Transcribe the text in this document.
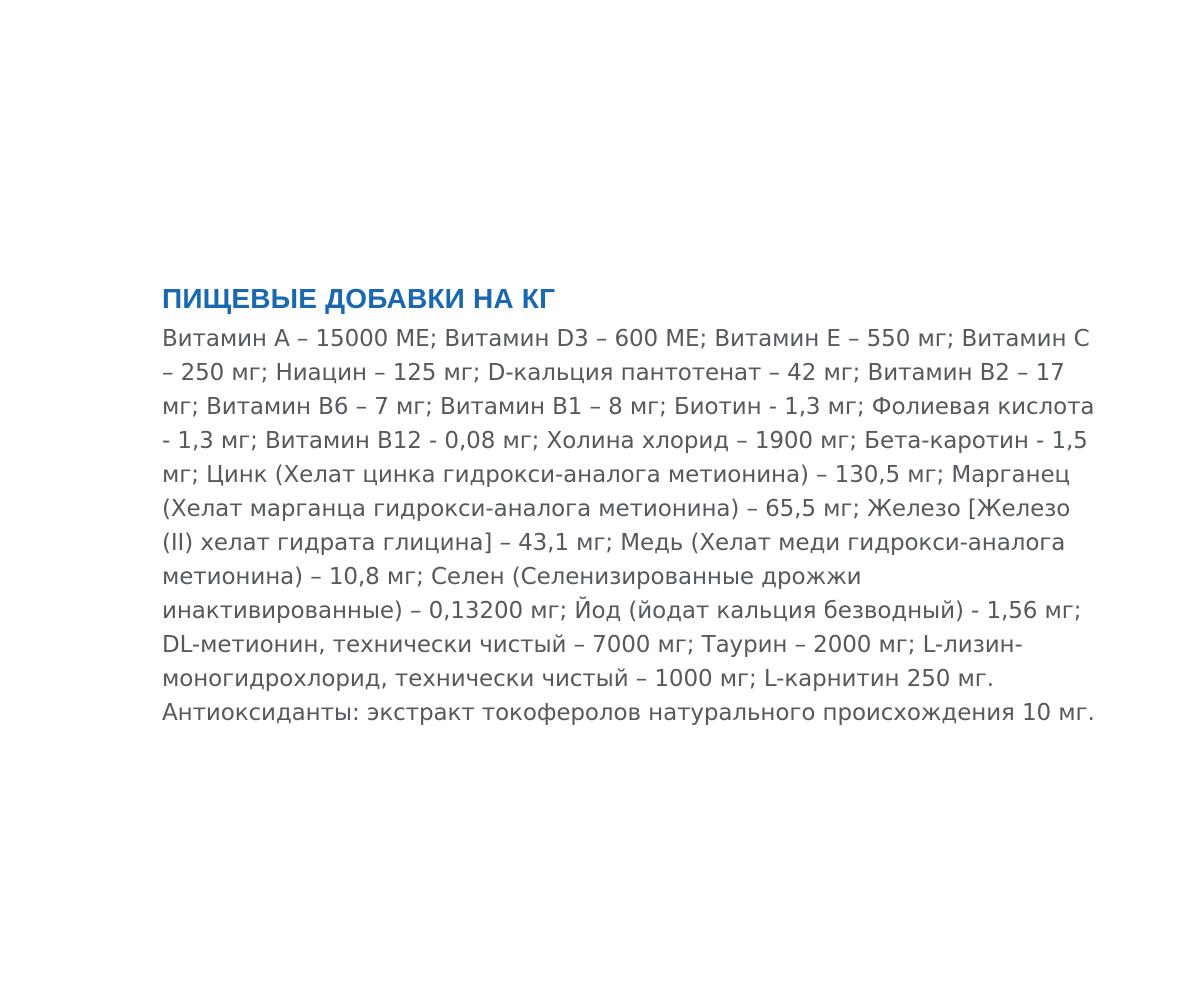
ПИЩЕВЫЕ ДОБАВКИ НА КГ
Витамин А – 15000 МЕ; Витамин D3 – 600 МЕ; Витамин Е – 550 мг; Витамин С
– 250 мг; Ниацин – 125 мг; D-кальция пантотенат – 42 мг; Витамин В2 – 17
мг; Витамин В6 – 7 мг; Витамин В1 – 8 мг; Биотин - 1,3 мг; Фолиевая кислота
- 1,3 мг; Витамин В12 - 0,08 мг; Холина хлорид – 1900 мг; Бета-каротин - 1,5
мг; Цинк (Хелат цинка гидрокси-аналога метионина) – 130,5 мг; Марганец
(Хелат марганца гидрокси-аналога метионина) – 65,5 мг; Железо [Железо
(II) хелат гидрата глицина] – 43,1 мг; Медь (Хелат меди гидрокси-аналога
метионина) – 10,8 мг; Селен (Селенизированные дрожжи
инактивированные) – 0,13200 мг; Йод (йодат кальция безводный) - 1,56 мг;
DL-метионин, технически чистый – 7000 мг; Таурин – 2000 мг; L-лизин-
моногидрохлорид, технически чистый – 1000 мг; L-карнитин 250 мг.
Антиоксиданты: экстракт токоферолов натурального происхождения 10 мг.
